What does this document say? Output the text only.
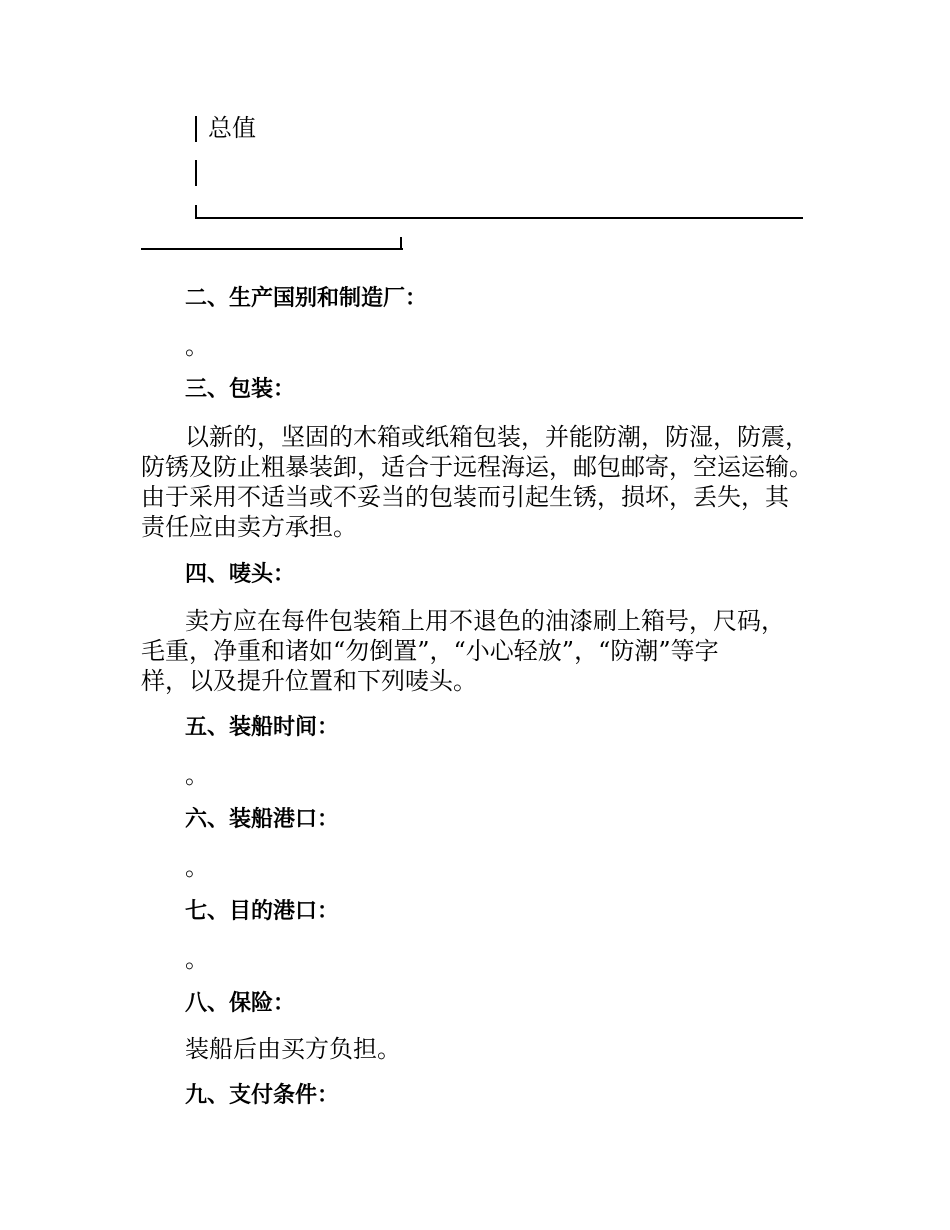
总值
二、生产国别和制造厂：
。
三、包装：
以新的，坚固的木箱或纸箱包装，并能防潮，防湿，防震，
防锈及防止粗暴装卸，适合于远程海运，邮包邮寄，空运运输。
由于采用不适当或不妥当的包装而引起生锈，损坏，丢失，其
责任应由卖方承担。
四、唛头：
卖方应在每件包装箱上用不退色的油漆刷上箱号，尺码，
毛重，净重和诸如“勿倒置”，“小心轻放”，“防潮”等字
样，以及提升位置和下列唛头。
五、装船时间：
。
六、装船港口：
。
七、目的港口：
。
八、保险：
装船后由买方负担。
九、支付条件：
